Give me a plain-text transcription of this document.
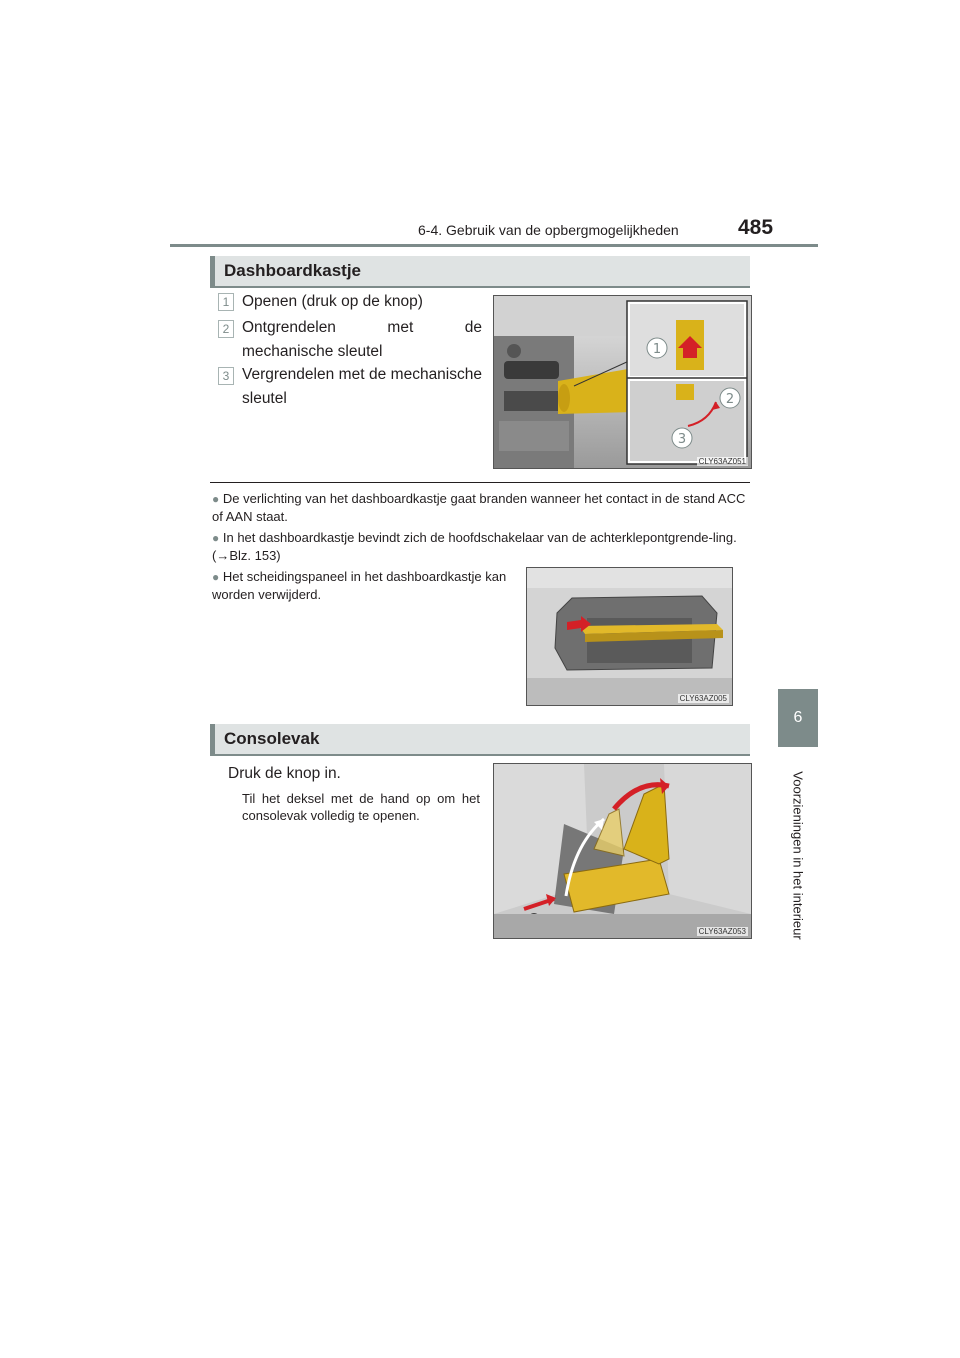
6-4. Gebruik van de opbergmogelijkheden	485
6
Voorzieningen in het interieur
Dashboardkastje
1 Openen (druk op de knop)
2 Ontgrendelen met de mechanische sleutel
3 Vergrendelen met de mechanische sleutel
1
2
3
CLY63AZ051
● De verlichting van het dashboardkastje gaat branden wanneer het contact in de stand ACC of AAN staat.
● In het dashboardkastje bevindt zich de hoofdschakelaar van de achterklepontgrende-ling. (→Blz. 153)
● Het scheidingspaneel in het dashboardkastje kan worden verwijderd.
CLY63AZ005
Consolevak
Druk de knop in.
Til het deksel met de hand op om het consolevak volledig te openen.
CLY63AZ053
